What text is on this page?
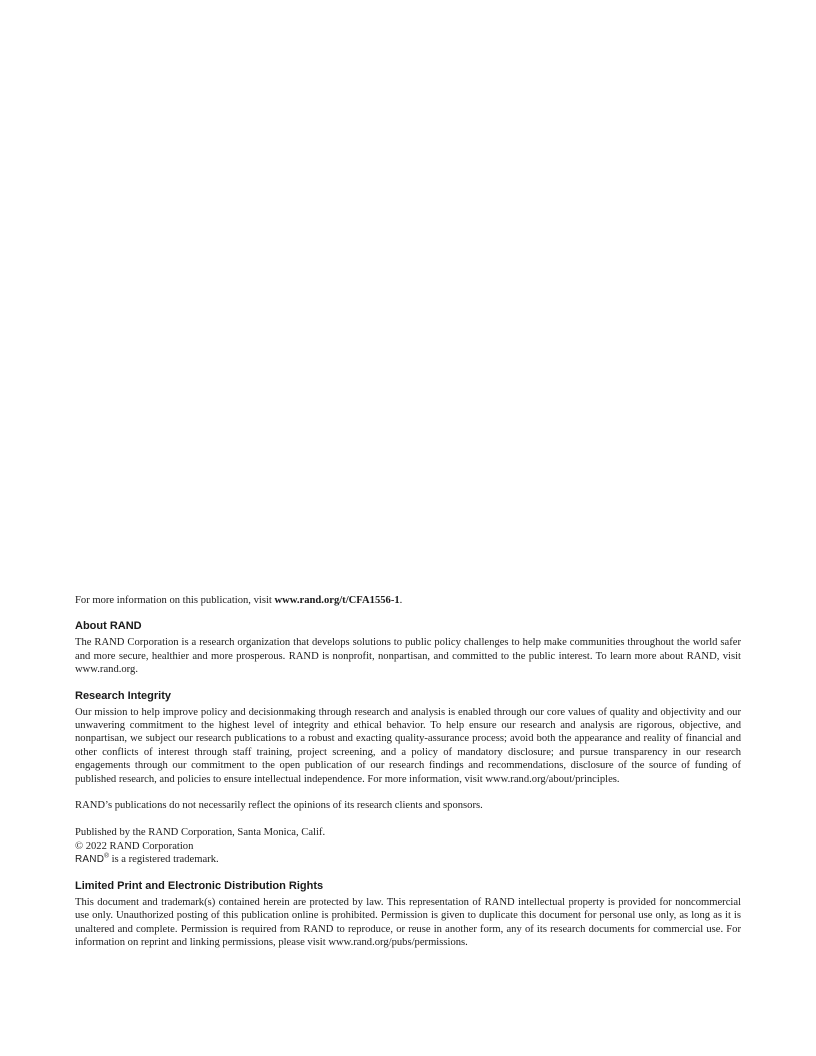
For more information on this publication, visit www.rand.org/t/CFA1556-1.

About RAND

The RAND Corporation is a research organization that develops solutions to public policy challenges to help make communities throughout the world safer and more secure, healthier and more prosperous. RAND is nonprofit, nonpartisan, and committed to the public interest. To learn more about RAND, visit www.rand.org.

Research Integrity

Our mission to help improve policy and decisionmaking through research and analysis is enabled through our core values of quality and objectivity and our unwavering commitment to the highest level of integrity and ethical behavior. To help ensure our research and analysis are rigorous, objective, and nonpartisan, we subject our research publications to a robust and exacting quality-assurance process; avoid both the appearance and reality of financial and other conflicts of interest through staff training, project screening, and a policy of mandatory disclosure; and pursue transparency in our research engagements through our commitment to the open publication of our research findings and recommendations, disclosure of the source of funding of published research, and policies to ensure intellectual independence. For more information, visit www.rand.org/about/principles.

RAND’s publications do not necessarily reflect the opinions of its research clients and sponsors.

Published by the RAND Corporation, Santa Monica, Calif.
© 2022 RAND Corporation
RAND® is a registered trademark.
Limited Print and Electronic Distribution Rights

This document and trademark(s) contained herein are protected by law. This representation of RAND intellectual property is provided for noncommercial use only. Unauthorized posting of this publication online is prohibited. Permission is given to duplicate this document for personal use only, as long as it is unaltered and complete. Permission is required from RAND to reproduce, or reuse in another form, any of its research documents for commercial use. For information on reprint and linking permissions, please visit www.rand.org/pubs/permissions.
